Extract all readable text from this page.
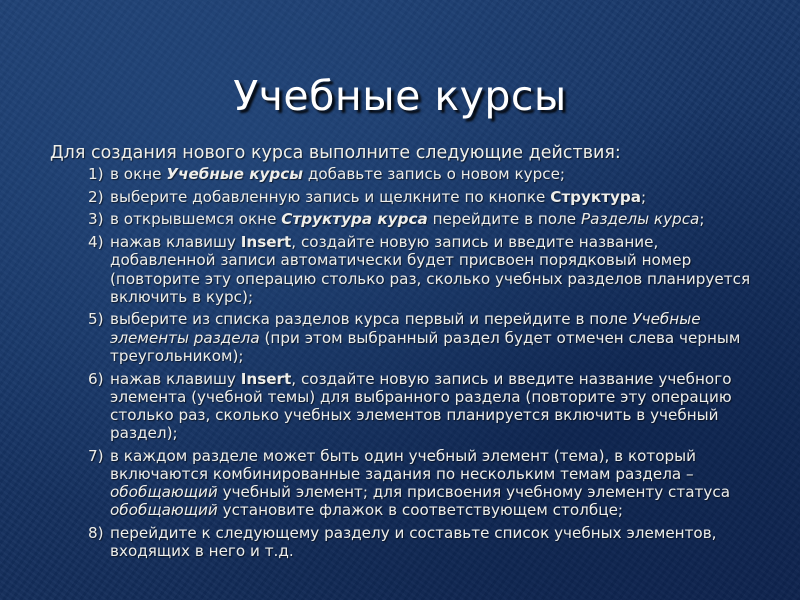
Учебные курсы
Для создания нового курса выполните следующие действия:
1) в окне Учебные курсы добавьте запись о новом курсе;
2) выберите добавленную запись и щелкните по кнопке Структура;
3) в открывшемся окне Структура курса перейдите в поле Разделы курса;
4) нажав клавишу Insert, создайте новую запись и введите название, добавленной записи автоматически будет присвоен порядковый номер (повторите эту операцию столько раз, сколько учебных разделов планируется включить в курс);
5) выберите из списка разделов курса первый и перейдите в поле Учебные элементы раздела (при этом выбранный раздел будет отмечен слева черным треугольником);
6) нажав клавишу Insert, создайте новую запись и введите название учебного элемента (учебной темы) для выбранного раздела (повторите эту операцию столько раз, сколько учебных элементов планируется включить в учебный раздел);
7) в каждом разделе может быть один учебный элемент (тема), в который включаются комбинированные задания по нескольким темам раздела – обобщающий учебный элемент; для присвоения учебному элементу статуса обобщающий установите флажок в соответствующем столбце;
8) перейдите к следующему разделу и составьте список учебных элементов, входящих в него и т.д.
